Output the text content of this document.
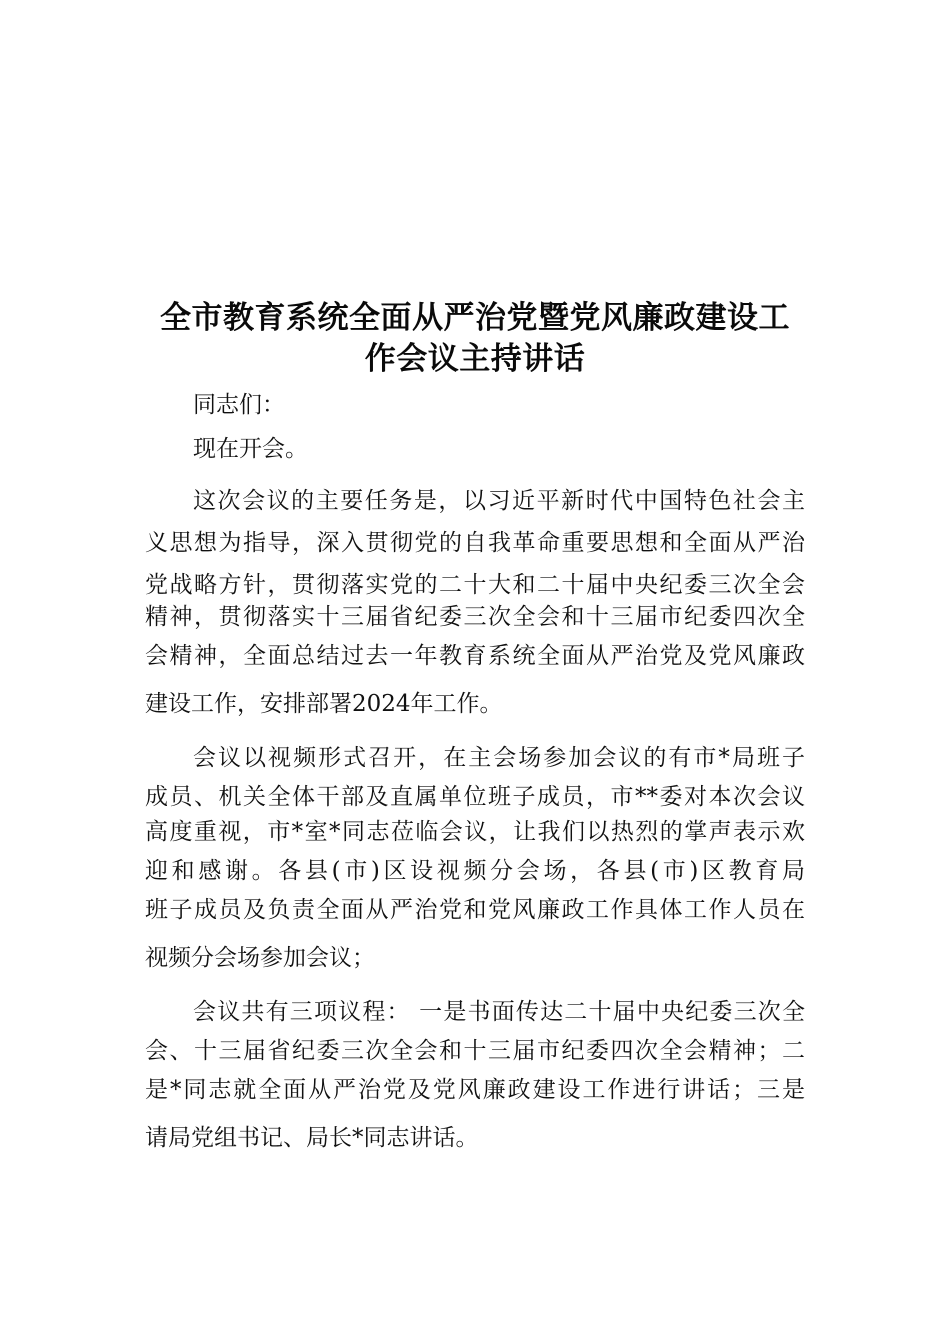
全市教育系统全面从严治党暨党风廉政建设工
作会议主持讲话
同志们：
现在开会。
这次会议的主要任务是，以习近平新时代中国特色社会主
义思想为指导，深入贯彻党的自我革命重要思想和全面从严治
党战略方针，贯彻落实党的二十大和二十届中央纪委三次全会
精神，贯彻落实十三届省纪委三次全会和十三届市纪委四次全
会精神，全面总结过去一年教育系统全面从严治党及党风廉政
建设工作，安排部署2024年工作。
会议以视频形式召开，在主会场参加会议的有市*局班子
成员、机关全体干部及直属单位班子成员，市**委对本次会议
高度重视，市*室*同志莅临会议，让我们以热烈的掌声表示欢
迎和感谢。各县(市)区设视频分会场，各县(市)区教育局
班子成员及负责全面从严治党和党风廉政工作具体工作人员在
视频分会场参加会议；
会议共有三项议程： 一是书面传达二十届中央纪委三次全
会、十三届省纪委三次全会和十三届市纪委四次全会精神；二
是*同志就全面从严治党及党风廉政建设工作进行讲话；三是
请局党组书记、局长*同志讲话。
